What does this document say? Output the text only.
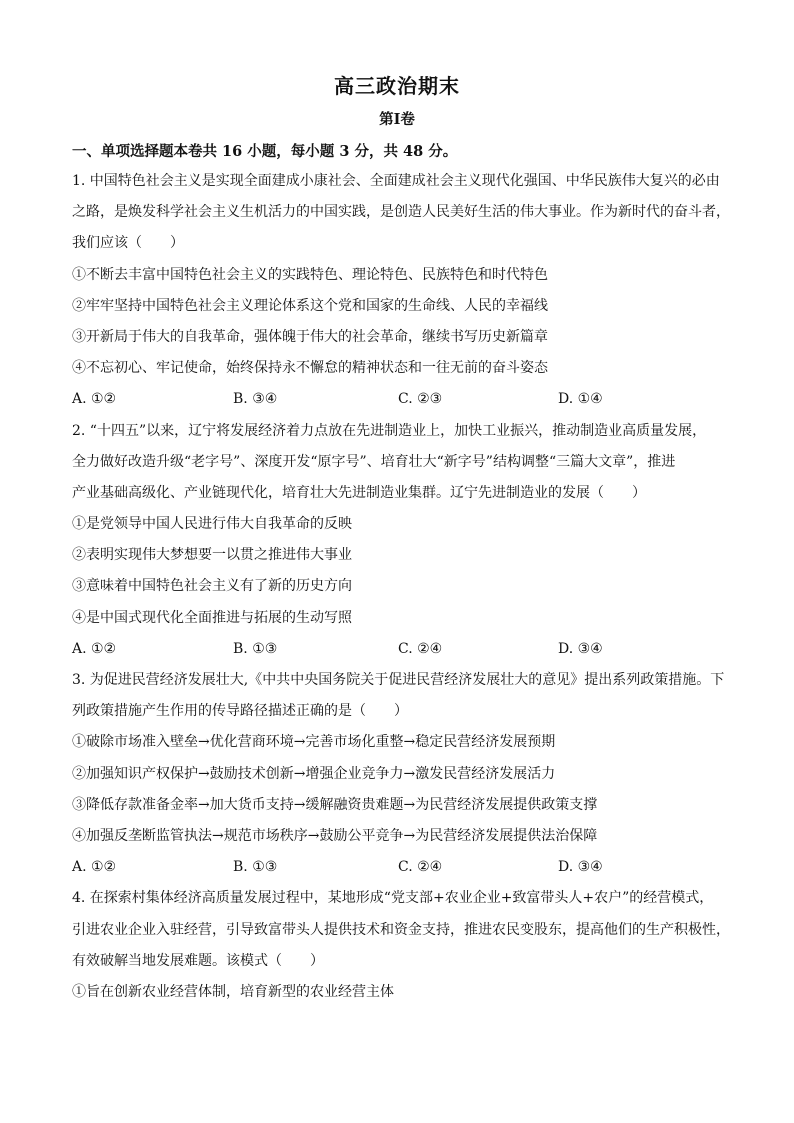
高三政治期末
第Ⅰ卷
一、单项选择题本卷共 16 小题，每小题 3 分，共 48 分。
1. 中国特色社会主义是实现全面建成小康社会、全面建成社会主义现代化强国、中华民族伟大复兴的必由
之路，是焕发科学社会主义生机活力的中国实践，是创造人民美好生活的伟大事业。作为新时代的奋斗者，
我们应该（　　）
①不断去丰富中国特色社会主义的实践特色、理论特色、民族特色和时代特色
②牢牢坚持中国特色社会主义理论体系这个党和国家的生命线、人民的幸福线
③开新局于伟大的自我革命，强体魄于伟大的社会革命，继续书写历史新篇章
④不忘初心、牢记使命，始终保持永不懈怠的精神状态和一往无前的奋斗姿态
A. ①②	B. ③④	C. ②③	D. ①④
2. “十四五”以来，辽宁将发展经济着力点放在先进制造业上，加快工业振兴，推动制造业高质量发展，
全力做好改造升级“老字号”、深度开发“原字号”、培育壮大“新字号”结构调整“三篇大文章”，推进
产业基础高级化、产业链现代化，培育壮大先进制造业集群。辽宁先进制造业的发展（　　）
①是党领导中国人民进行伟大自我革命的反映
②表明实现伟大梦想要一以贯之推进伟大事业
③意味着中国特色社会主义有了新的历史方向
④是中国式现代化全面推进与拓展的生动写照
A. ①②	B. ①③	C. ②④	D. ③④
3. 为促进民营经济发展壮大,《中共中央国务院关于促进民营经济发展壮大的意见》提出系列政策措施。下
列政策措施产生作用的传导路径描述正确的是（　　）
①破除市场准入壁垒→优化营商环境→完善市场化重整→稳定民营经济发展预期
②加强知识产权保护→鼓励技术创新→增强企业竞争力→激发民营经济发展活力
③降低存款准备金率→加大货币支持→缓解融资贵难题→为民营经济发展提供政策支撑
④加强反垄断监管执法→规范市场秩序→鼓励公平竞争→为民营经济发展提供法治保障
A. ①②	B. ①③	C. ②④	D. ③④
4. 在探索村集体经济高质量发展过程中，某地形成“党支部+农业企业+致富带头人+农户”的经营模式，
引进农业企业入驻经营，引导致富带头人提供技术和资金支持，推进农民变股东，提高他们的生产积极性，
有效破解当地发展难题。该模式（　　）
①旨在创新农业经营体制，培育新型的农业经营主体
